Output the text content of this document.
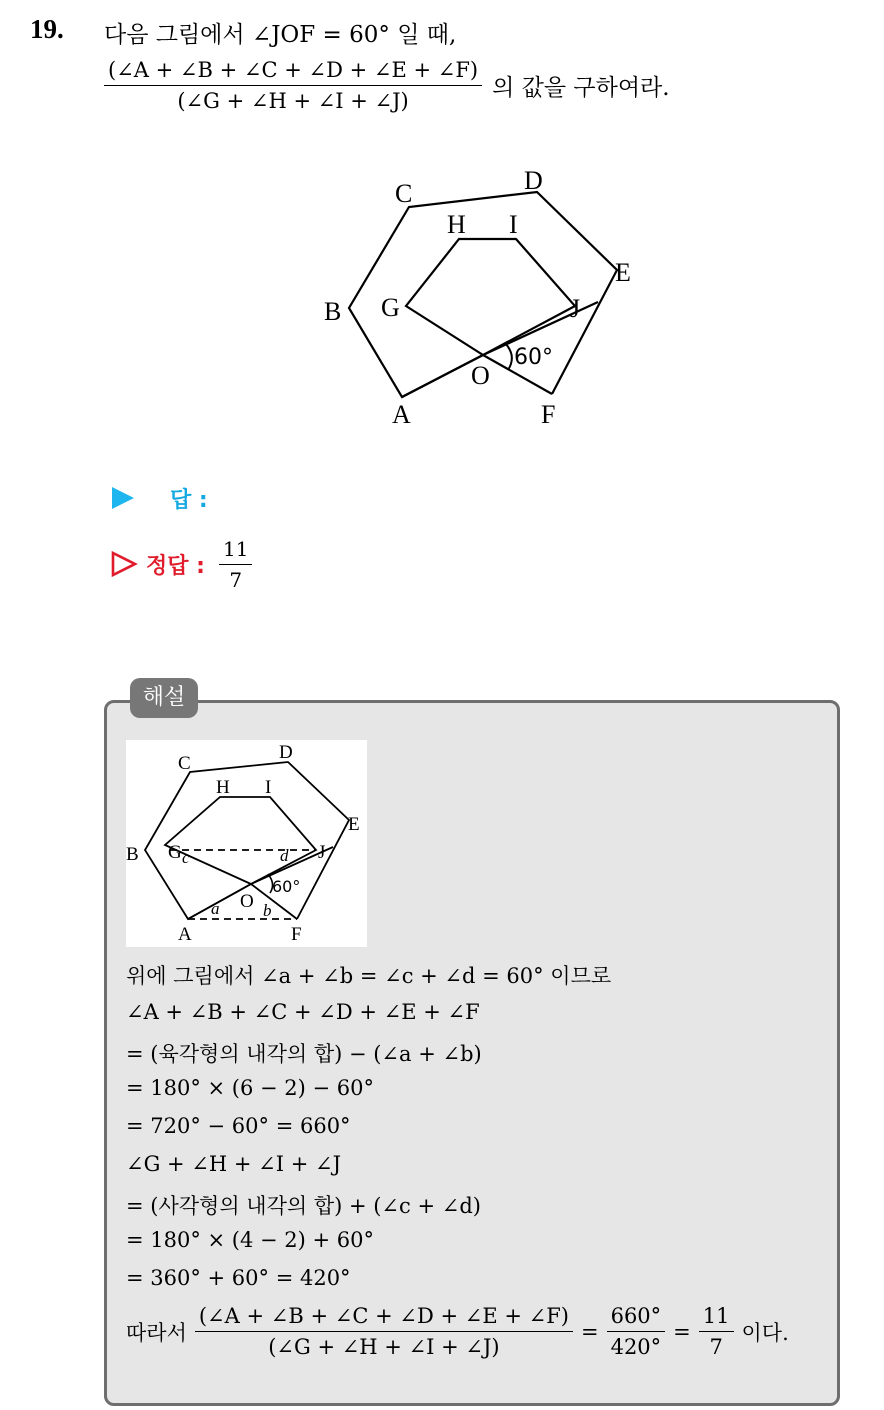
19. 다음 그림에서 ∠JOF = 60° 일 때,
$\frac{(\angle A + \angle B + \angle C + \angle D + \angle E + \angle F)}{(\angle G + \angle H + \angle I + \angle J)}$ 의 값을 구하여라.
C	D
H I
E
B G	J
O
A	F
60°
답 :
정답 : $\frac{11}{7}$
해설
C
D
H I
E
B G	J
O
A	F
60°
c	d
a	b
위에 그림에서 ∠a + ∠b = ∠c + ∠d = 60° 이므로
∠A + ∠B + ∠C + ∠D + ∠E + ∠F
= (육각형의 내각의 합) − (∠a + ∠b)
= 180° × (6 − 2) − 60°
= 720° − 60° = 660°
∠G + ∠H + ∠I + ∠J
= (사각형의 내각의 합) + (∠c + ∠d)
= 180° × (4 − 2) + 60°
= 360° + 60° = 420°
따라서 $\frac{(\angle A + \angle B + \angle C + \angle D + \angle E + \angle F)}{(\angle G + \angle H + \angle I + \angle J)} = \frac{660^\circ}{420^\circ} = \frac{11}{7}$ 이다.
